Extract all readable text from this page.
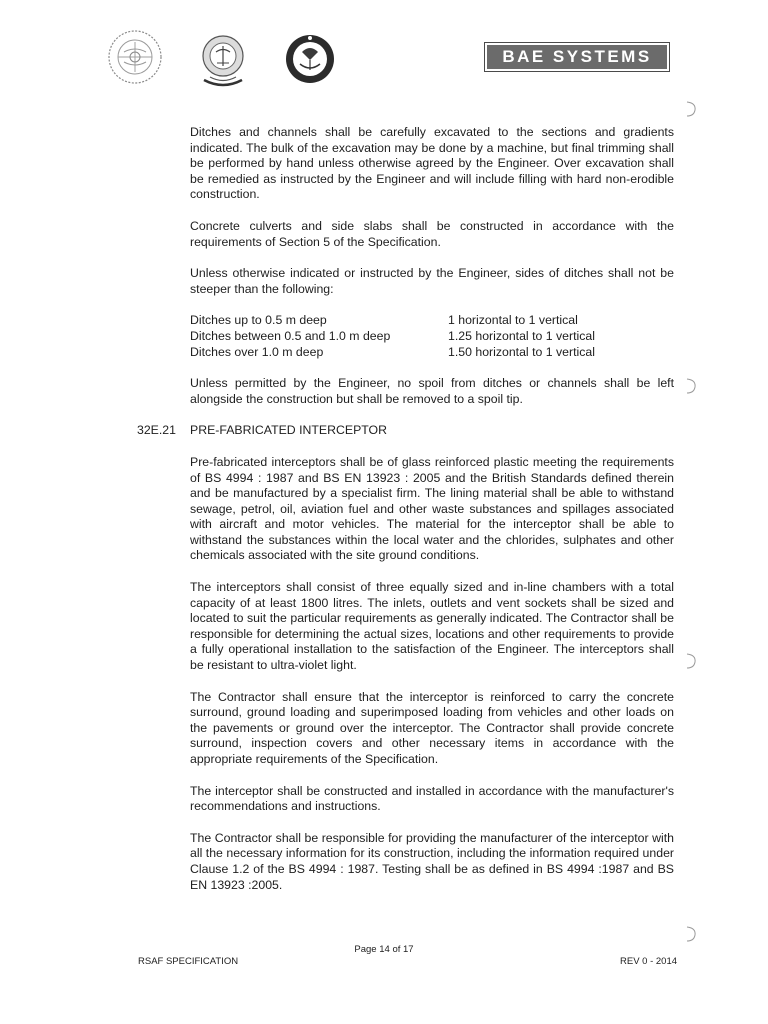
BAE SYSTEMS

Ditches and channels shall be carefully excavated to the sections and gradients indicated. The bulk of the excavation may be done by a machine, but final trimming shall be performed by hand unless otherwise agreed by the Engineer. Over excavation shall be remedied as instructed by the Engineer and will include filling with hard non-erodible construction.

Concrete culverts and side slabs shall be constructed in accordance with the requirements of Section 5 of the Specification.

Unless otherwise indicated or instructed by the Engineer, sides of ditches shall not be steeper than the following:

Ditches up to 0.5 m deep	1 horizontal to 1 vertical
Ditches between 0.5 and 1.0 m deep	1.25 horizontal to 1 vertical
Ditches over 1.0 m deep	1.50 horizontal to 1 vertical

Unless permitted by the Engineer, no spoil from ditches or channels shall be left alongside the construction but shall be removed to a spoil tip.

32E.21	PRE-FABRICATED INTERCEPTOR

Pre-fabricated interceptors shall be of glass reinforced plastic meeting the requirements of BS 4994 : 1987 and BS EN 13923 : 2005 and the British Standards defined therein and be manufactured by a specialist firm. The lining material shall be able to withstand sewage, petrol, oil, aviation fuel and other waste substances and spillages associated with aircraft and motor vehicles. The material for the interceptor shall be able to withstand the substances within the local water and the chlorides, sulphates and other chemicals associated with the site ground conditions.

The interceptors shall consist of three equally sized and in-line chambers with a total capacity of at least 1800 litres. The inlets, outlets and vent sockets shall be sized and located to suit the particular requirements as generally indicated. The Contractor shall be responsible for determining the actual sizes, locations and other requirements to provide a fully operational installation to the satisfaction of the Engineer. The interceptors shall be resistant to ultra-violet light.

The Contractor shall ensure that the interceptor is reinforced to carry the concrete surround, ground loading and superimposed loading from vehicles and other loads on the pavements or ground over the interceptor. The Contractor shall provide concrete surround, inspection covers and other necessary items in accordance with the appropriate requirements of the Specification.

The interceptor shall be constructed and installed in accordance with the manufacturer's recommendations and instructions.

The Contractor shall be responsible for providing the manufacturer of the interceptor with all the necessary information for its construction, including the information required under Clause 1.2 of the BS 4994 : 1987. Testing shall be as defined in BS 4994 :1987 and BS EN 13923 :2005.

Page 14 of 17
RSAF SPECIFICATION	REV 0 - 2014
